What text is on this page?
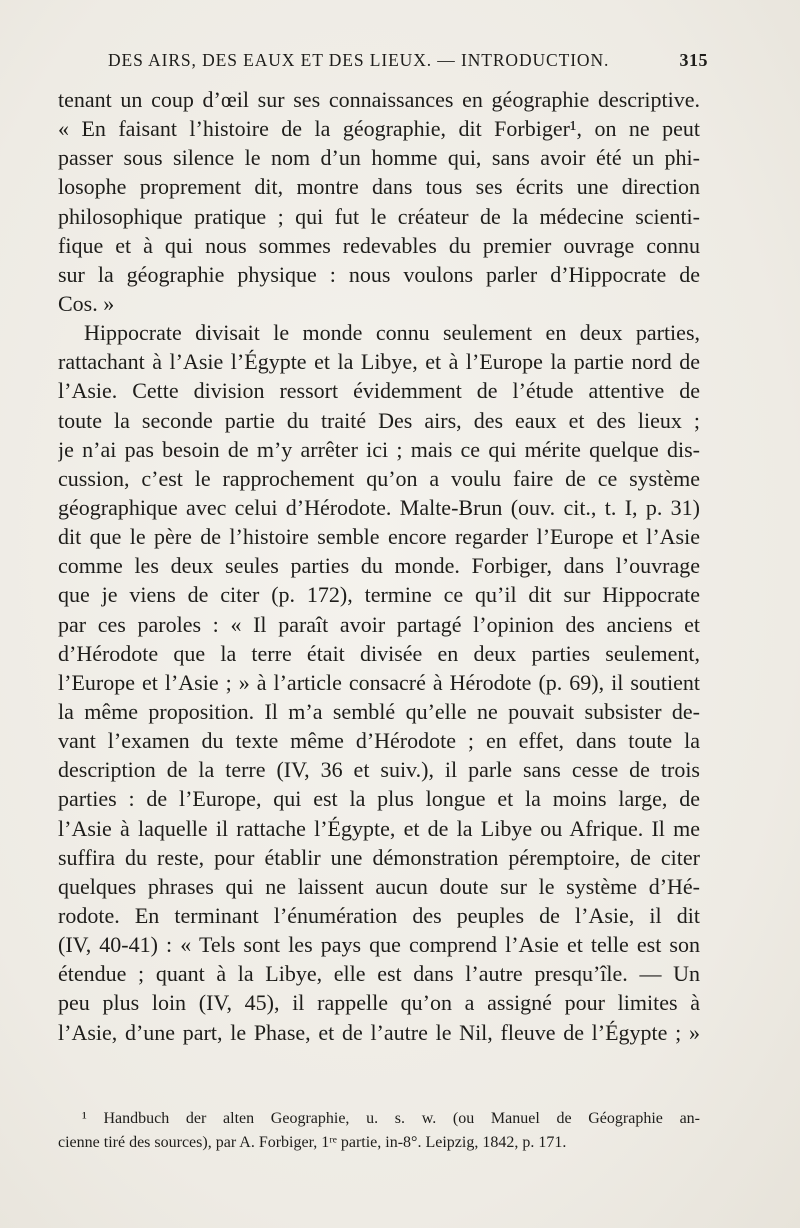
DES AIRS, DES EAUX ET DES LIEUX. — INTRODUCTION.	315
tenant un coup d’œil sur ses connaissances en géographie descriptive.
« En faisant l’histoire de la géographie, dit Forbiger¹, on ne peut
passer sous silence le nom d’un homme qui, sans avoir été un phi-
losophe proprement dit, montre dans tous ses écrits une direction
philosophique pratique ; qui fut le créateur de la médecine scienti-
fique et à qui nous sommes redevables du premier ouvrage connu
sur la géographie physique : nous voulons parler d’Hippocrate de
Cos. »
Hippocrate divisait le monde connu seulement en deux parties,
rattachant à l’Asie l’Égypte et la Libye, et à l’Europe la partie nord de
l’Asie. Cette division ressort évidemment de l’étude attentive de
toute la seconde partie du traité Des airs, des eaux et des lieux ;
je n’ai pas besoin de m’y arrêter ici ; mais ce qui mérite quelque dis-
cussion, c’est le rapprochement qu’on a voulu faire de ce système
géographique avec celui d’Hérodote. Malte-Brun (ouv. cit., t. I, p. 31)
dit que le père de l’histoire semble encore regarder l’Europe et l’Asie
comme les deux seules parties du monde. Forbiger, dans l’ouvrage
que je viens de citer (p. 172), termine ce qu’il dit sur Hippocrate
par ces paroles : « Il paraît avoir partagé l’opinion des anciens et
d’Hérodote que la terre était divisée en deux parties seulement,
l’Europe et l’Asie ; » à l’article consacré à Hérodote (p. 69), il soutient
la même proposition. Il m’a semblé qu’elle ne pouvait subsister de-
vant l’examen du texte même d’Hérodote ; en effet, dans toute la
description de la terre (IV, 36 et suiv.), il parle sans cesse de trois
parties : de l’Europe, qui est la plus longue et la moins large, de
l’Asie à laquelle il rattache l’Égypte, et de la Libye ou Afrique. Il me
suffira du reste, pour établir une démonstration péremptoire, de citer
quelques phrases qui ne laissent aucun doute sur le système d’Hé-
rodote. En terminant l’énumération des peuples de l’Asie, il dit
(IV, 40-41) : « Tels sont les pays que comprend l’Asie et telle est son
étendue ; quant à la Libye, elle est dans l’autre presqu’île. — Un
peu plus loin (IV, 45), il rappelle qu’on a assigné pour limites à
l’Asie, d’une part, le Phase, et de l’autre le Nil, fleuve de l’Égypte ; »
¹ Handbuch der alten Geographie, u. s. w. (ou Manuel de Géographie an-
cienne tiré des sources), par A. Forbiger, 1ʳᵉ partie, in-8°. Leipzig, 1842, p. 171.
